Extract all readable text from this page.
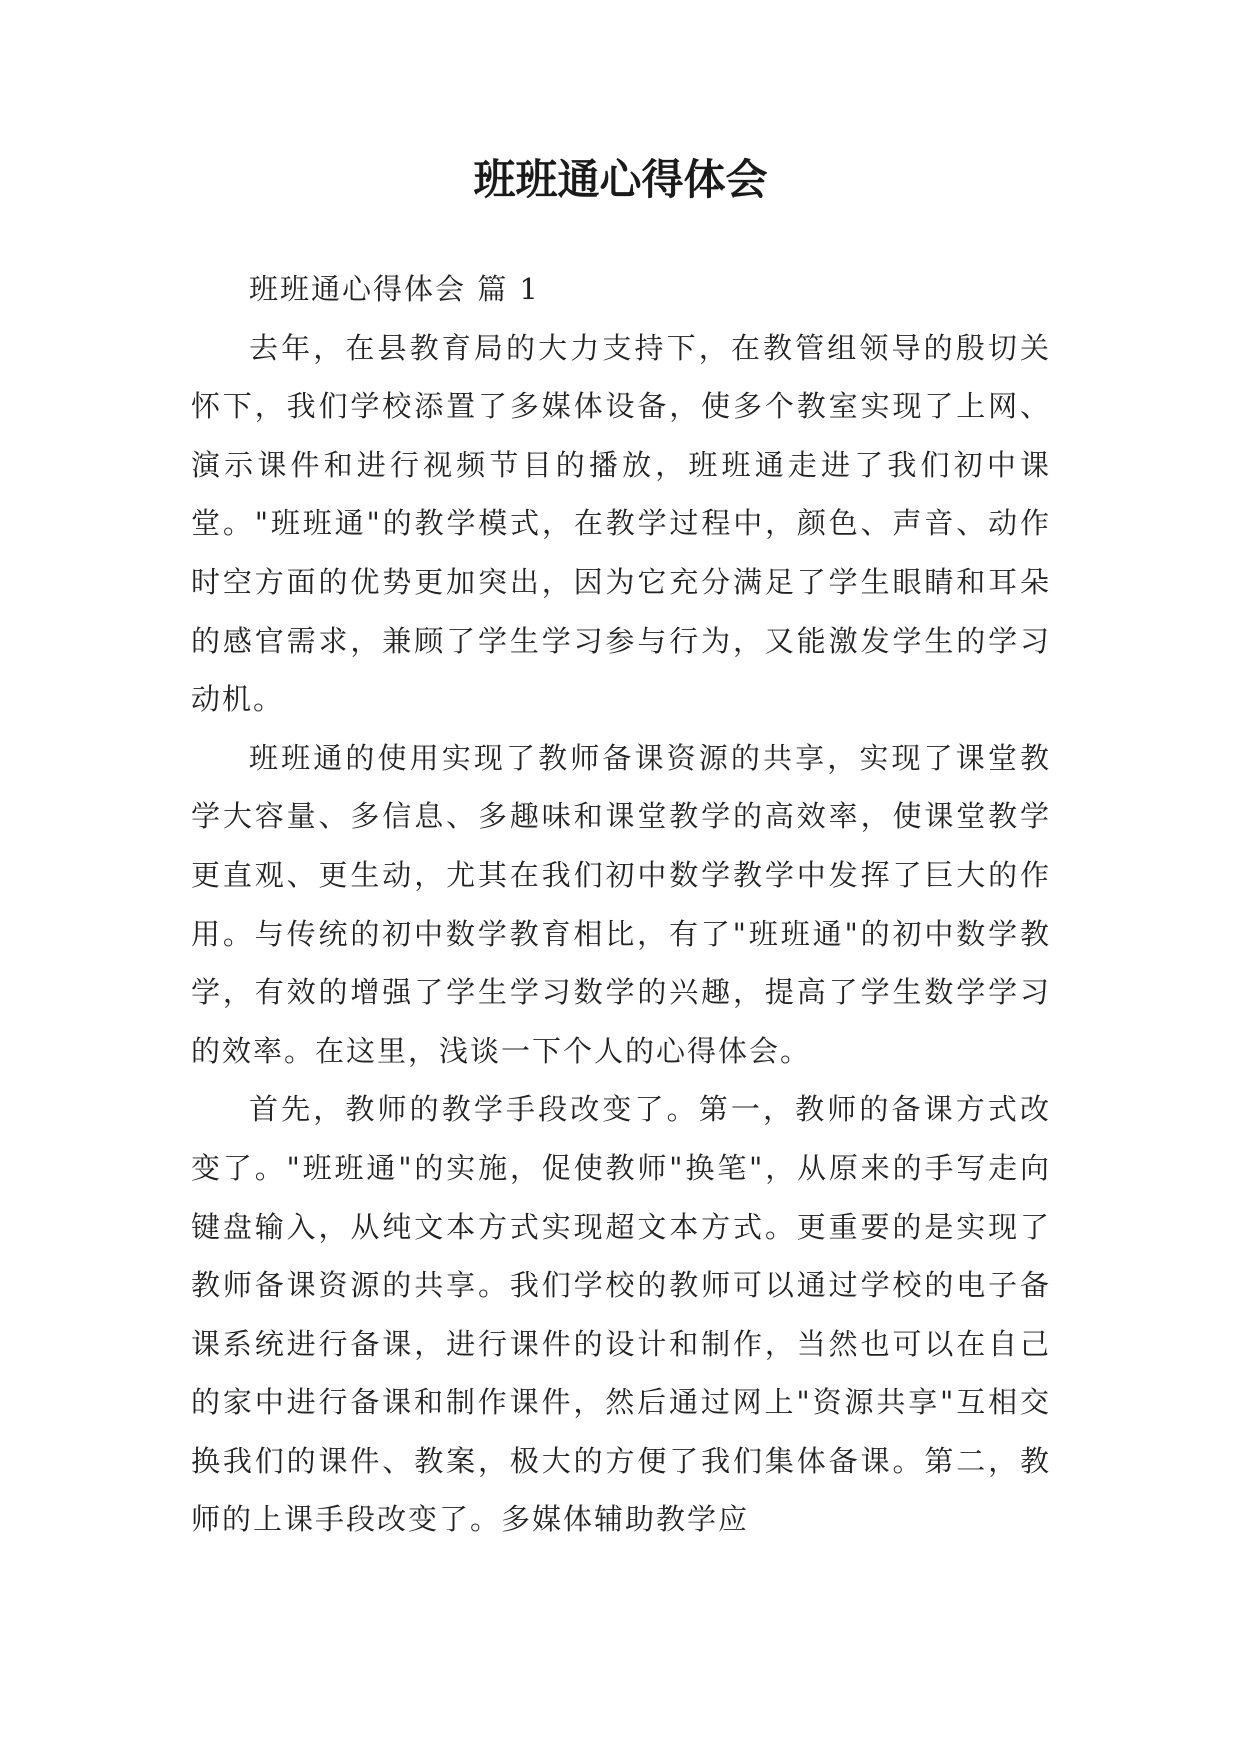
班班通心得体会

班班通心得体会 篇 1

去年，在县教育局的大力支持下，在教管组领导的殷切关怀下，我们学校添置了多媒体设备，使多个教室实现了上网、演示课件和进行视频节目的播放，班班通走进了我们初中课堂。"班班通"的教学模式，在教学过程中，颜色、声音、动作时空方面的优势更加突出，因为它充分满足了学生眼睛和耳朵的感官需求，兼顾了学生学习参与行为，又能激发学生的学习动机。

班班通的使用实现了教师备课资源的共享，实现了课堂教学大容量、多信息、多趣味和课堂教学的高效率，使课堂教学更直观、更生动，尤其在我们初中数学教学中发挥了巨大的作用。与传统的初中数学教育相比，有了"班班通"的初中数学教学，有效的增强了学生学习数学的兴趣，提高了学生数学学习的效率。在这里，浅谈一下个人的心得体会。

首先，教师的教学手段改变了。第一，教师的备课方式改变了。"班班通"的实施，促使教师"换笔"，从原来的手写走向键盘输入，从纯文本方式实现超文本方式。更重要的是实现了教师备课资源的共享。我们学校的教师可以通过学校的电子备课系统进行备课，进行课件的设计和制作，当然也可以在自己的家中进行备课和制作课件，然后通过网上"资源共享"互相交换我们的课件、教案，极大的方便了我们集体备课。第二，教师的上课手段改变了。多媒体辅助教学应
